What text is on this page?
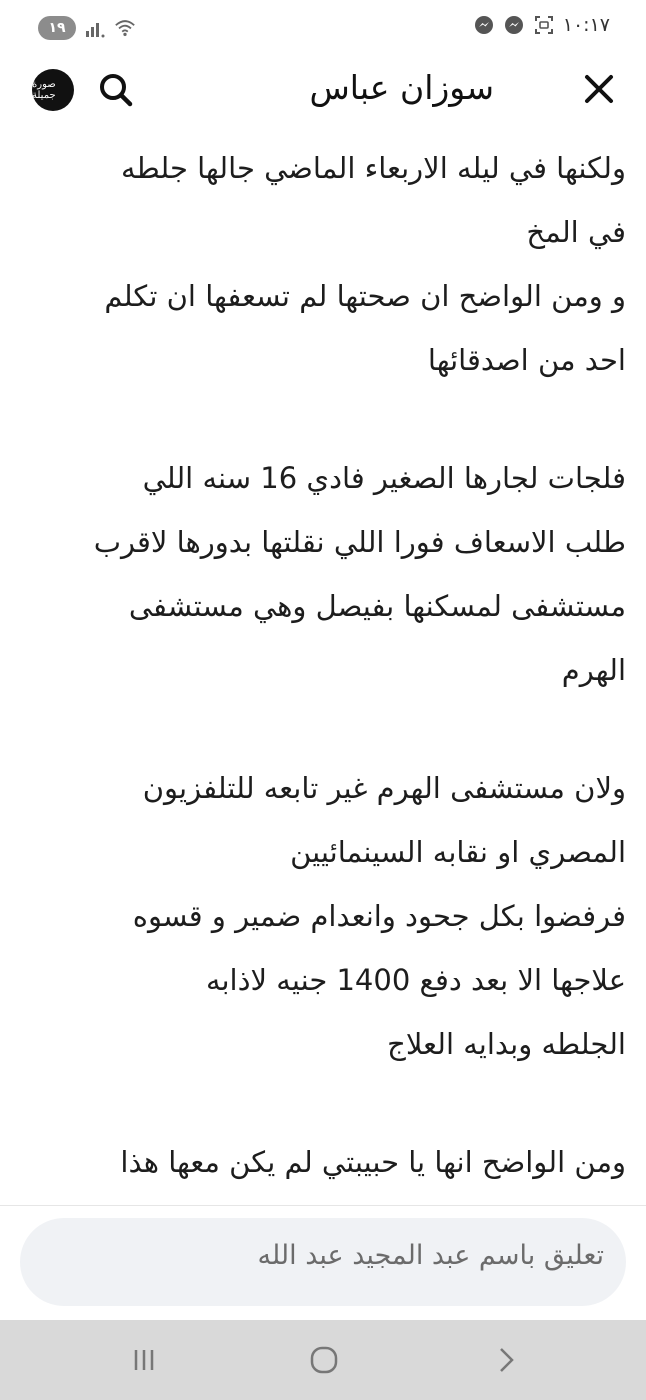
١٩	١٠:١٧
صورة جميلة	سوزان عباس
ولكنها في ليله الاربعاء الماضي جالها جلطه
في المخ
و ومن الواضح ان صحتها لم تسعفها ان تكلم
احد من اصدقائها
فلجات لجارها الصغير فادي 16 سنه اللي
طلب الاسعاف فورا اللي نقلتها بدورها لاقرب
مستشفى لمسكنها بفيصل وهي مستشفى
الهرم
ولان مستشفى الهرم غير تابعه للتلفزيون
المصري او نقابه السينمائيين
فرفضوا بكل جحود وانعدام ضمير و قسوه
علاجها الا بعد دفع 1400 جنيه لاذابه
الجلطه وبدايه العلاج
ومن الواضح انها يا حبيبتي لم يكن معها هذا
تعليق باسم عبد المجيد عبد الله
